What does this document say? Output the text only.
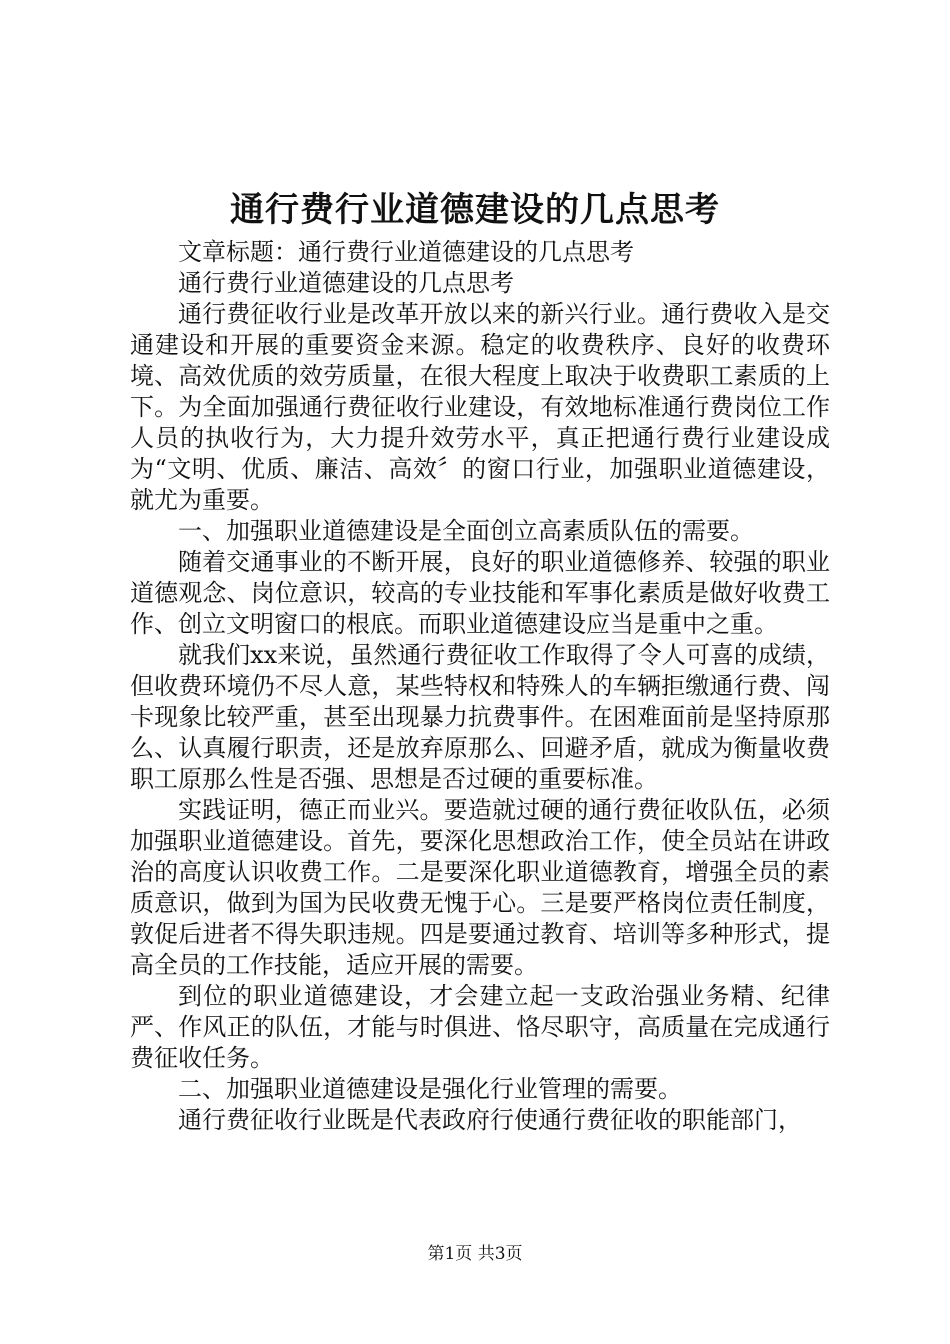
通行费行业道德建设的几点思考

文章标题：通行费行业道德建设的几点思考

通行费行业道德建设的几点思考

通行费征收行业是改革开放以来的新兴行业。通行费收入是交通建设和开展的重要资金来源。稳定的收费秩序、良好的收费环境、高效优质的效劳质量，在很大程度上取决于收费职工素质的上下。为全面加强通行费征收行业建设，有效地标准通行费岗位工作人员的执收行为，大力提升效劳水平，真正把通行费行业建设成为“文明、优质、廉洁、高效〞的窗口行业，加强职业道德建设，就尤为重要。

一、加强职业道德建设是全面创立高素质队伍的需要。

随着交通事业的不断开展，良好的职业道德修养、较强的职业道德观念、岗位意识，较高的专业技能和军事化素质是做好收费工作、创立文明窗口的根底。而职业道德建设应当是重中之重。

就我们xx来说，虽然通行费征收工作取得了令人可喜的成绩，但收费环境仍不尽人意，某些特权和特殊人的车辆拒缴通行费、闯卡现象比较严重，甚至出现暴力抗费事件。在困难面前是坚持原那么、认真履行职责，还是放弃原那么、回避矛盾，就成为衡量收费职工原那么性是否强、思想是否过硬的重要标准。

实践证明，德正而业兴。要造就过硬的通行费征收队伍，必须加强职业道德建设。首先，要深化思想政治工作，使全员站在讲政治的高度认识收费工作。二是要深化职业道德教育，增强全员的素质意识，做到为国为民收费无愧于心。三是要严格岗位责任制度，敦促后进者不得失职违规。四是要通过教育、培训等多种形式，提高全员的工作技能，适应开展的需要。

到位的职业道德建设，才会建立起一支政治强业务精、纪律严、作风正的队伍，才能与时俱进、恪尽职守，高质量在完成通行费征收任务。

二、加强职业道德建设是强化行业管理的需要。

通行费征收行业既是代表政府行使通行费征收的职能部门，

第1页 共3页
